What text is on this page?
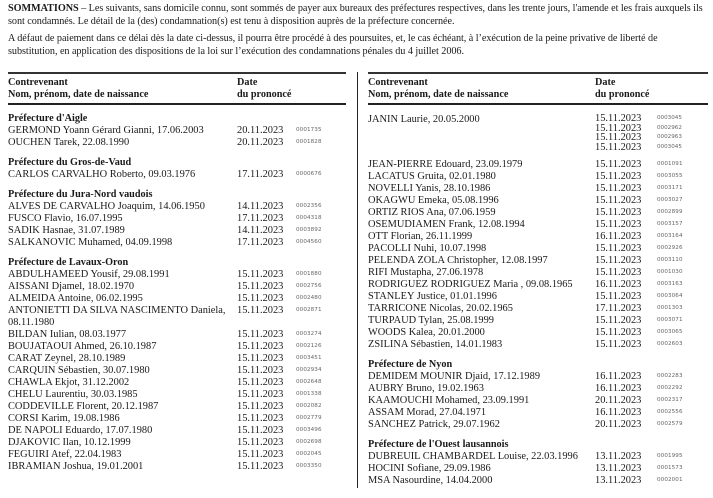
SOMMATIONS – Les suivants, sans domicile connu, sont sommés de payer aux bureaux des préfectures respectives, dans les trente jours, l'amende et les frais auxquels ils sont condamnés. Le détail de la (des) condamnation(s) est tenu à disposition auprès de la préfecture concernée.

A défaut de paiement dans ce délai dès la date ci-dessus, il pourra être procédé à des poursuites, et, le cas échéant, à l’exécution de la peine privative de liberté de substitution, en application des dispositions de la loi sur l’exécution des condamnations pénales du 4 juillet 2006.

Contrevenant
Nom, prénom, date de naissance
Date
du prononcé
Préfecture d'Aigle
GERMOND Yoann Gérard Gianni, 17.06.2003	20.11.2023 0001735
OUCHEN Tarek, 22.08.1990	20.11.2023 0001828
Préfecture du Gros-de-Vaud
CARLOS CARVALHO Roberto, 09.03.1976	17.11.2023 0000676
Préfecture du Jura-Nord vaudois
ALVES DE CARVALHO Joaquim, 14.06.1950	14.11.2023 0002356
FUSCO Flavio, 16.07.1995	17.11.2023 0004318
SADIK Hasnae, 31.07.1989	14.11.2023 0003892
SALKANOVIC Muhamed, 04.09.1998	17.11.2023 0004560
Préfecture de Lavaux-Oron
ABDULHAMEED Yousif, 29.08.1991	15.11.2023 0001880
AISSANI Djamel, 18.02.1970	15.11.2023 0002756
ALMEIDA Antoine, 06.02.1995	15.11.2023 0002480
ANTONIETTI DA SILVA NASCIMENTO Daniela, 08.11.1980
15.11.2023 0002871
BILDAN Iulian, 08.03.1977	15.11.2023 0003274
BOUJATAOUI Ahmed, 26.10.1987	15.11.2023 0002126
CARAT Zeynel, 28.10.1989	15.11.2023 0003451
CARQUIN Sébastien, 30.07.1980	15.11.2023 0002934
CHAWLA Ekjot, 31.12.2002	15.11.2023 0002648
CHELU Laurentiu, 30.03.1985	15.11.2023 0001338
CODDEVILLE Florent, 20.12.1987	15.11.2023 0002082
CORSI Karim, 19.08.1986	15.11.2023 0002779
DE NAPOLI Eduardo, 17.07.1980	15.11.2023 0003496
DJAKOVIC Ilan, 10.12.1999	15.11.2023 0002698
FEGUIRI Atef, 22.04.1983	15.11.2023 0002045
IBRAMIAN Joshua, 19.01.2001	15.11.2023 0003350
Contrevenant
Nom, prénom, date de naissance
Date
du prononcé
JANIN Laurie, 20.05.2000	15.11.2023	0003045
15.11.2023	0002962
15.11.2023	0002963
15.11.2023	0003045
JEAN-PIERRE Edouard, 23.09.1979	15.11.2023	0001091
LACATUS Gruita, 02.01.1980	15.11.2023	0003055
NOVELLI Yanis, 28.10.1986	15.11.2023	0003171
OKAGWU Emeka, 05.08.1996	15.11.2023	0003027
ORTIZ RIOS Ana, 07.06.1959	15.11.2023	0002899
OSEMUDIAMEN Frank, 12.08.1994	15.11.2023	0003157
OTT Florian, 26.11.1999	16.11.2023	0003164
PACOLLI Nuhi, 10.07.1998	15.11.2023	0002926
PELENDA ZOLA Christopher, 12.08.1997	15.11.2023	0003110
RIFI Mustapha, 27.06.1978	15.11.2023	0001030
RODRIGUEZ RODRIGUEZ Maria , 09.08.1965	16.11.2023	0003163
STANLEY Justice, 01.01.1996	15.11.2023	0003064
TARRICONE Nicolas, 20.02.1965	17.11.2023	0001303
TURPAUD Tylan, 25.08.1999	15.11.2023	0003071
WOODS Kalea, 20.01.2000	15.11.2023	0003065
ZSILINA Sébastien, 14.01.1983	15.11.2023	0002603
Préfecture de Nyon
DEMIDEM MOUNIR Djaid, 17.12.1989	16.11.2023	0002283
AUBRY Bruno, 19.02.1963	16.11.2023	0002292
KAAMOUCHI Mohamed, 23.09.1991	20.11.2023	0002317
ASSAM Morad, 27.04.1971	16.11.2023	0002556
SANCHEZ Patrick, 29.07.1962	20.11.2023	0002579
Préfecture de l'Ouest lausannois
DUBREUIL CHAMBARDEL Louise, 22.03.1996	13.11.2023	0001995
HOCINI Sofiane, 29.09.1986	13.11.2023	0001573
MSA Nasourdine, 14.04.2000	13.11.2023	0002001
